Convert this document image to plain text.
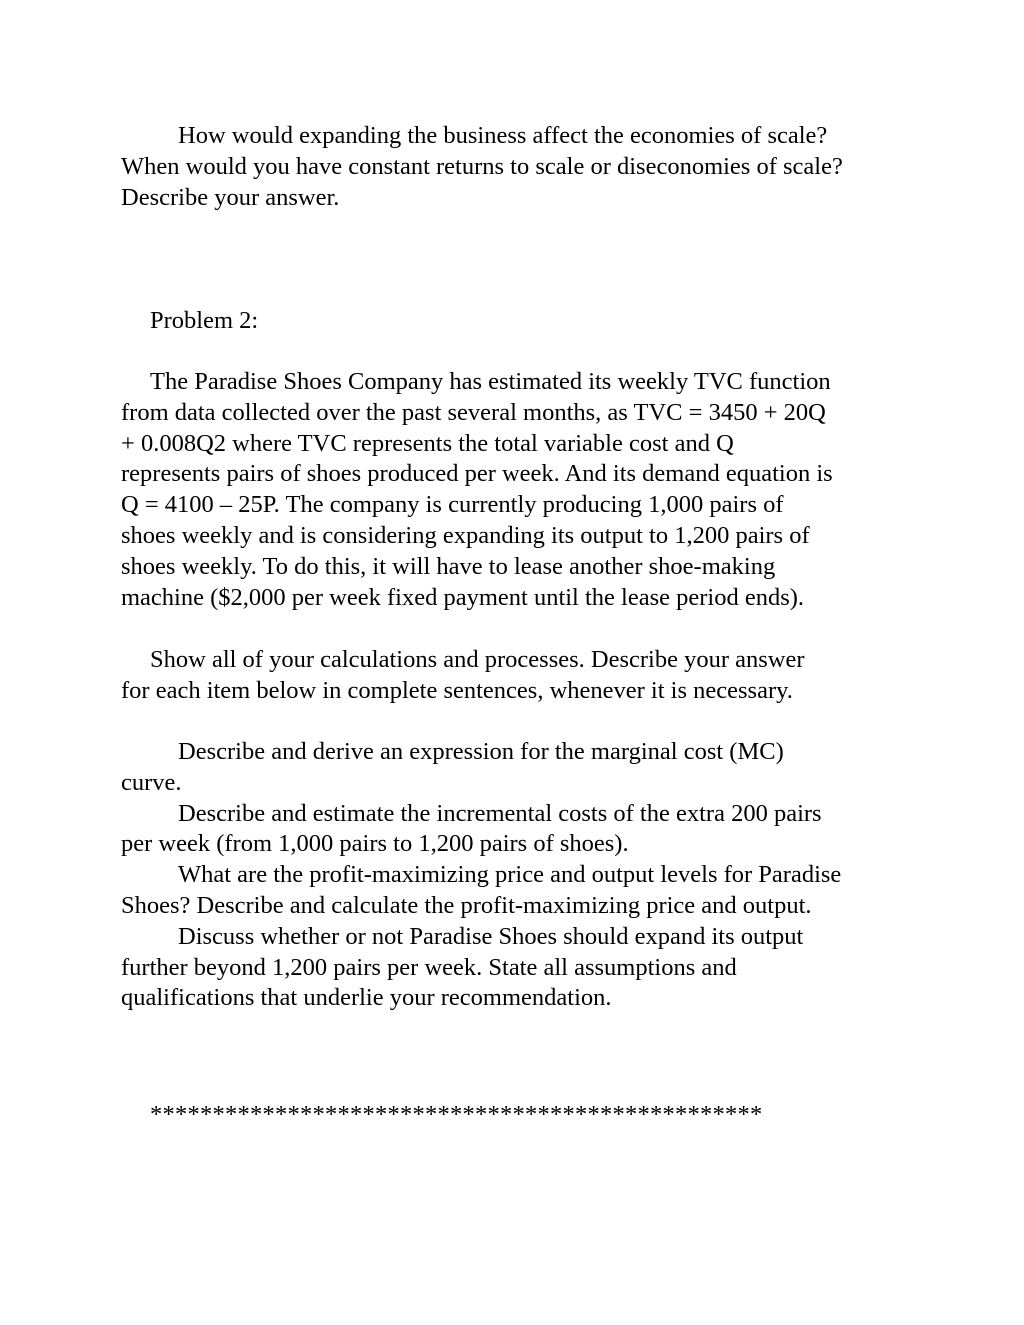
How would expanding the business affect the economies of scale?
When would you have constant returns to scale or diseconomies of scale?
Describe your answer.
Problem 2:
The Paradise Shoes Company has estimated its weekly TVC function
from data collected over the past several months, as TVC = 3450 + 20Q
+ 0.008Q2 where TVC represents the total variable cost and Q
represents pairs of shoes produced per week. And its demand equation is
Q = 4100 – 25P. The company is currently producing 1,000 pairs of
shoes weekly and is considering expanding its output to 1,200 pairs of
shoes weekly. To do this, it will have to lease another shoe-making
machine ($2,000 per week fixed payment until the lease period ends).
Show all of your calculations and processes. Describe your answer
for each item below in complete sentences, whenever it is necessary.
Describe and derive an expression for the marginal cost (MC)
curve.
Describe and estimate the incremental costs of the extra 200 pairs
per week (from 1,000 pairs to 1,200 pairs of shoes).
What are the profit-maximizing price and output levels for Paradise
Shoes? Describe and calculate the profit-maximizing price and output.
Discuss whether or not Paradise Shoes should expand its output
further beyond 1,200 pairs per week. State all assumptions and
qualifications that underlie your recommendation.
*************************************************
